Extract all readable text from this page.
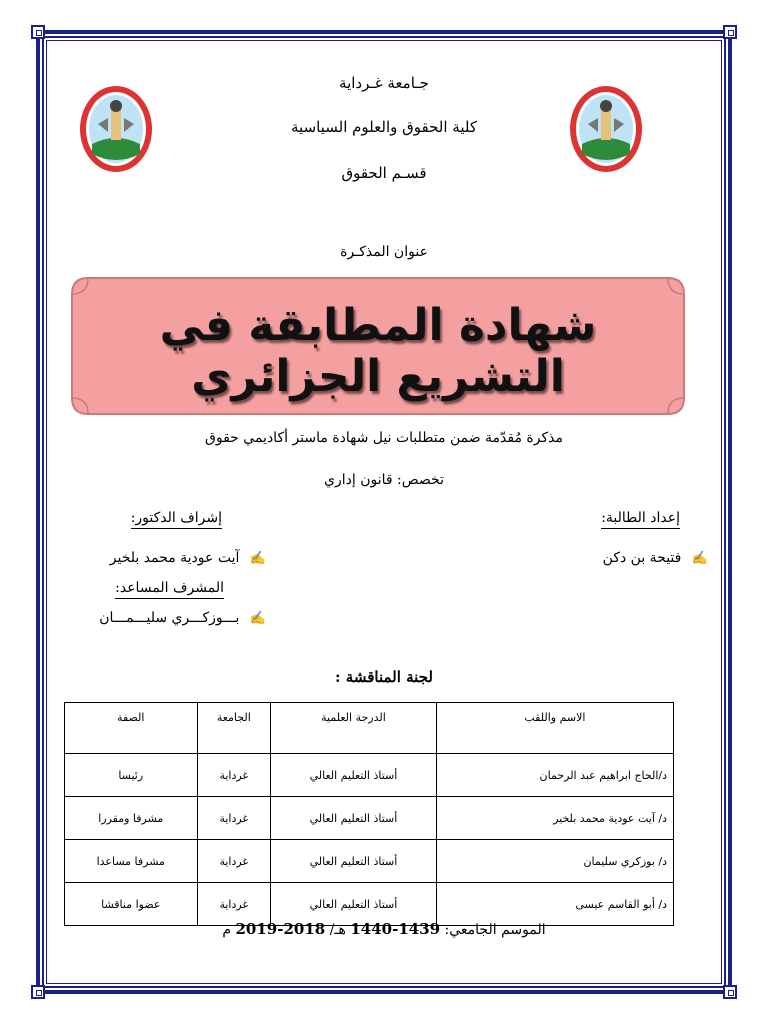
جـامعة غـرداية
كلية الحقوق والعلوم السياسية
قسـم الحقوق
عنوان المذكـرة
شهادة المطابقة في التشريع الجزائري
مذكرة مُقدّمة ضمن متطلبات نيل شهادة ماستر أكاديمي حقوق
تخصص: قانون إداري
إعداد الطالبة:
✍ فتيحة بن دكن
إشراف الدكتور:
✍ آيت عودية محمد بلخير
المشرف المساعد:
✍ بـــوزكـــري سليـــمـــان
لجنة المناقشة :
الاسم واللقب	الدرجة العلمية	الجامعة	الصفة
د/الحاج ابراهيم عبد الرحمان	أستاذ التعليم العالي	غرداية	رئيسا
د/ آيت عودية محمد بلخير	أستاذ التعليم العالي	غرداية	مشرفا ومقررا
د/ بوزكري سليمان	أستاذ التعليم العالي	غرداية	مشرفا مساعدا
د/ أبو القاسم عيسى	أستاذ التعليم العالي	غرداية	عضوا مناقشا
الموسم الجامعي: 1439-1440 هـ/ 2018-2019 م
